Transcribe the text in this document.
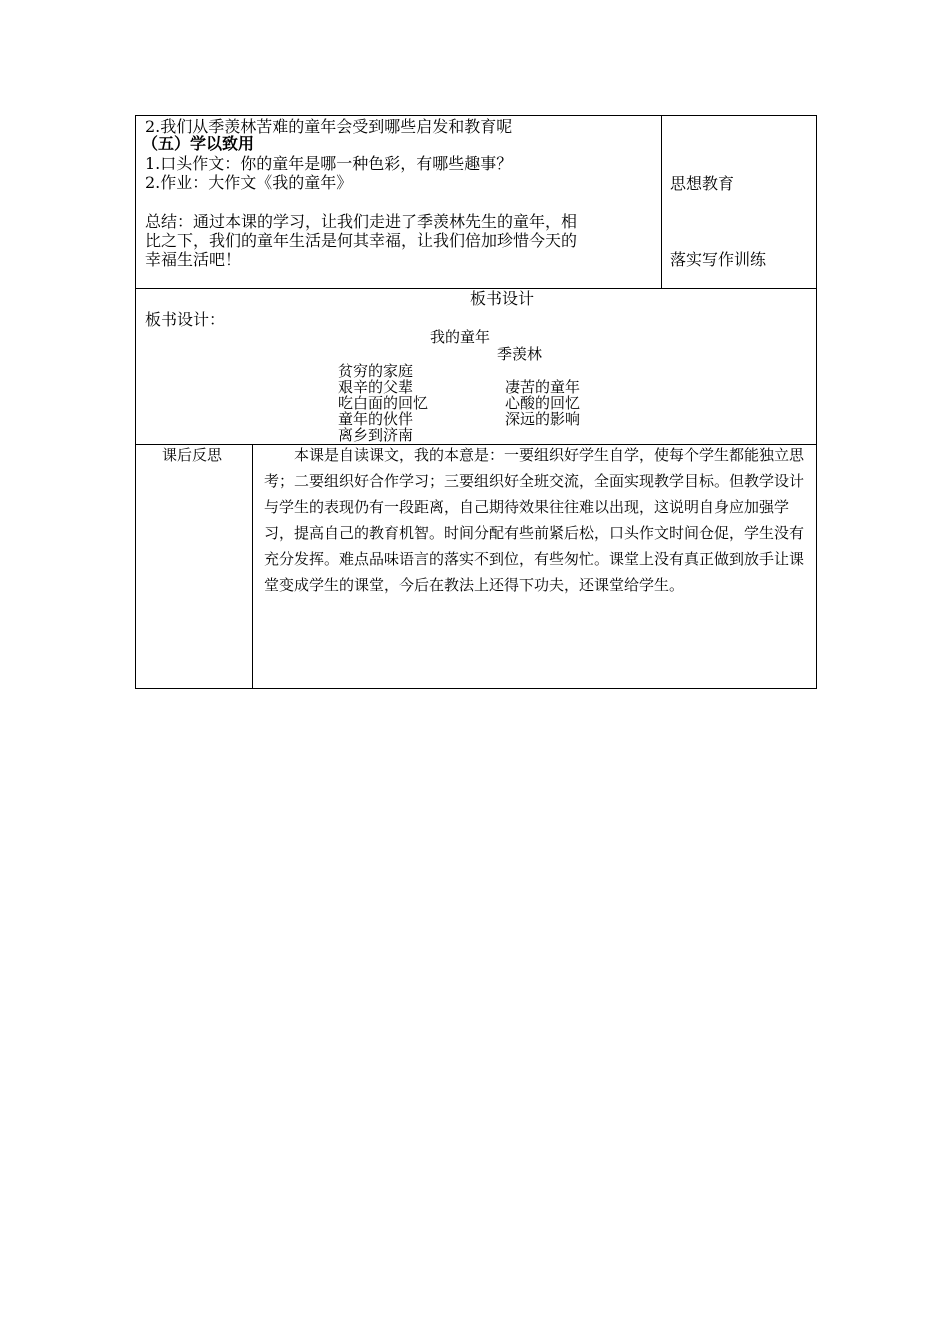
2.我们从季羡林苦难的童年会受到哪些启发和教育呢
（五）学以致用
1.口头作文：你的童年是哪一种色彩，有哪些趣事？
2.作业：大作文《我的童年》
总结：通过本课的学习，让我们走进了季羡林先生的童年，相
比之下，我们的童年生活是何其幸福，让我们倍加珍惜今天的
幸福生活吧！
思想教育
落实写作训练
板书设计
板书设计：
我的童年
季羡林
贫穷的家庭
艰辛的父辈
吃白面的回忆
童年的伙伴
离乡到济南
凄苦的童年
心酸的回忆
深远的影响
课后反思	　　本课是自读课文，我的本意是：一要组织好学生自学，使每个学生都能独立思考；二要组织好合作学习；三要组织好全班交流，全面实现教学目标。但教学设计与学生的表现仍有一段距离，自己期待效果往往难以出现，这说明自身应加强学习，提高自己的教育机智。时间分配有些前紧后松，口头作文时间仓促，学生没有充分发挥。难点品味语言的落实不到位，有些匆忙。课堂上没有真正做到放手让课堂变成学生的课堂，今后在教法上还得下功夫，还课堂给学生。
